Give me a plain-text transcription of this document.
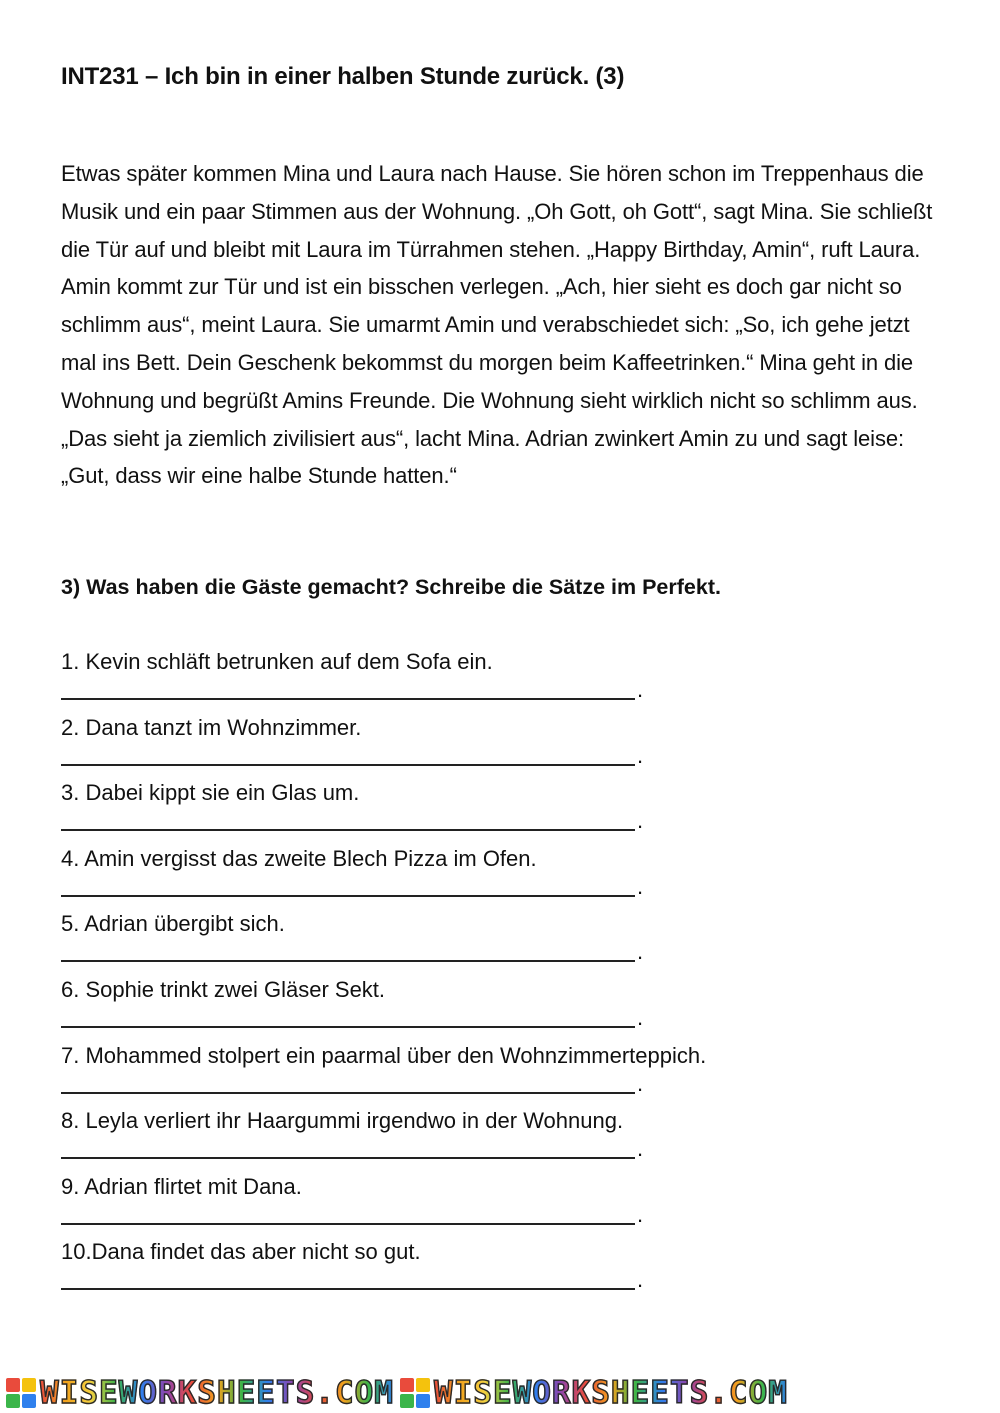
INT231 – Ich bin in einer halben Stunde zurück. (3)

Etwas später kommen Mina und Laura nach Hause. Sie hören schon im Treppenhaus die Musik und ein paar Stimmen aus der Wohnung. „Oh Gott, oh Gott“, sagt Mina. Sie schließt die Tür auf und bleibt mit Laura im Türrahmen stehen. „Happy Birthday, Amin“, ruft Laura. Amin kommt zur Tür und ist ein bisschen verlegen. „Ach, hier sieht es doch gar nicht so schlimm aus“, meint Laura. Sie umarmt Amin und verabschiedet sich: „So, ich gehe jetzt mal ins Bett. Dein Geschenk bekommst du morgen beim Kaffeetrinken.“ Mina geht in die Wohnung und begrüßt Amins Freunde. Die Wohnung sieht wirklich nicht so schlimm aus. „Das sieht ja ziemlich zivilisiert aus“, lacht Mina. Adrian zwinkert Amin zu und sagt leise: „Gut, dass wir eine halbe Stunde hatten.“

3) Was haben die Gäste gemacht? Schreibe die Sätze im Perfekt.

1. Kevin schläft betrunken auf dem Sofa ein.
.
2. Dana tanzt im Wohnzimmer.
.
3. Dabei kippt sie ein Glas um.
.
4. Amin vergisst das zweite Blech Pizza im Ofen.
.
5. Adrian übergibt sich.
.
6. Sophie trinkt zwei Gläser Sekt.
.
7. Mohammed stolpert ein paarmal über den Wohnzimmerteppich.
.
8. Leyla verliert ihr Haargummi irgendwo in der Wohnung.
.
9. Adrian flirtet mit Dana.
.
10.Dana findet das aber nicht so gut.
.
WISEWORKSHEETS.COM WISEWORKSHEETS.COM
